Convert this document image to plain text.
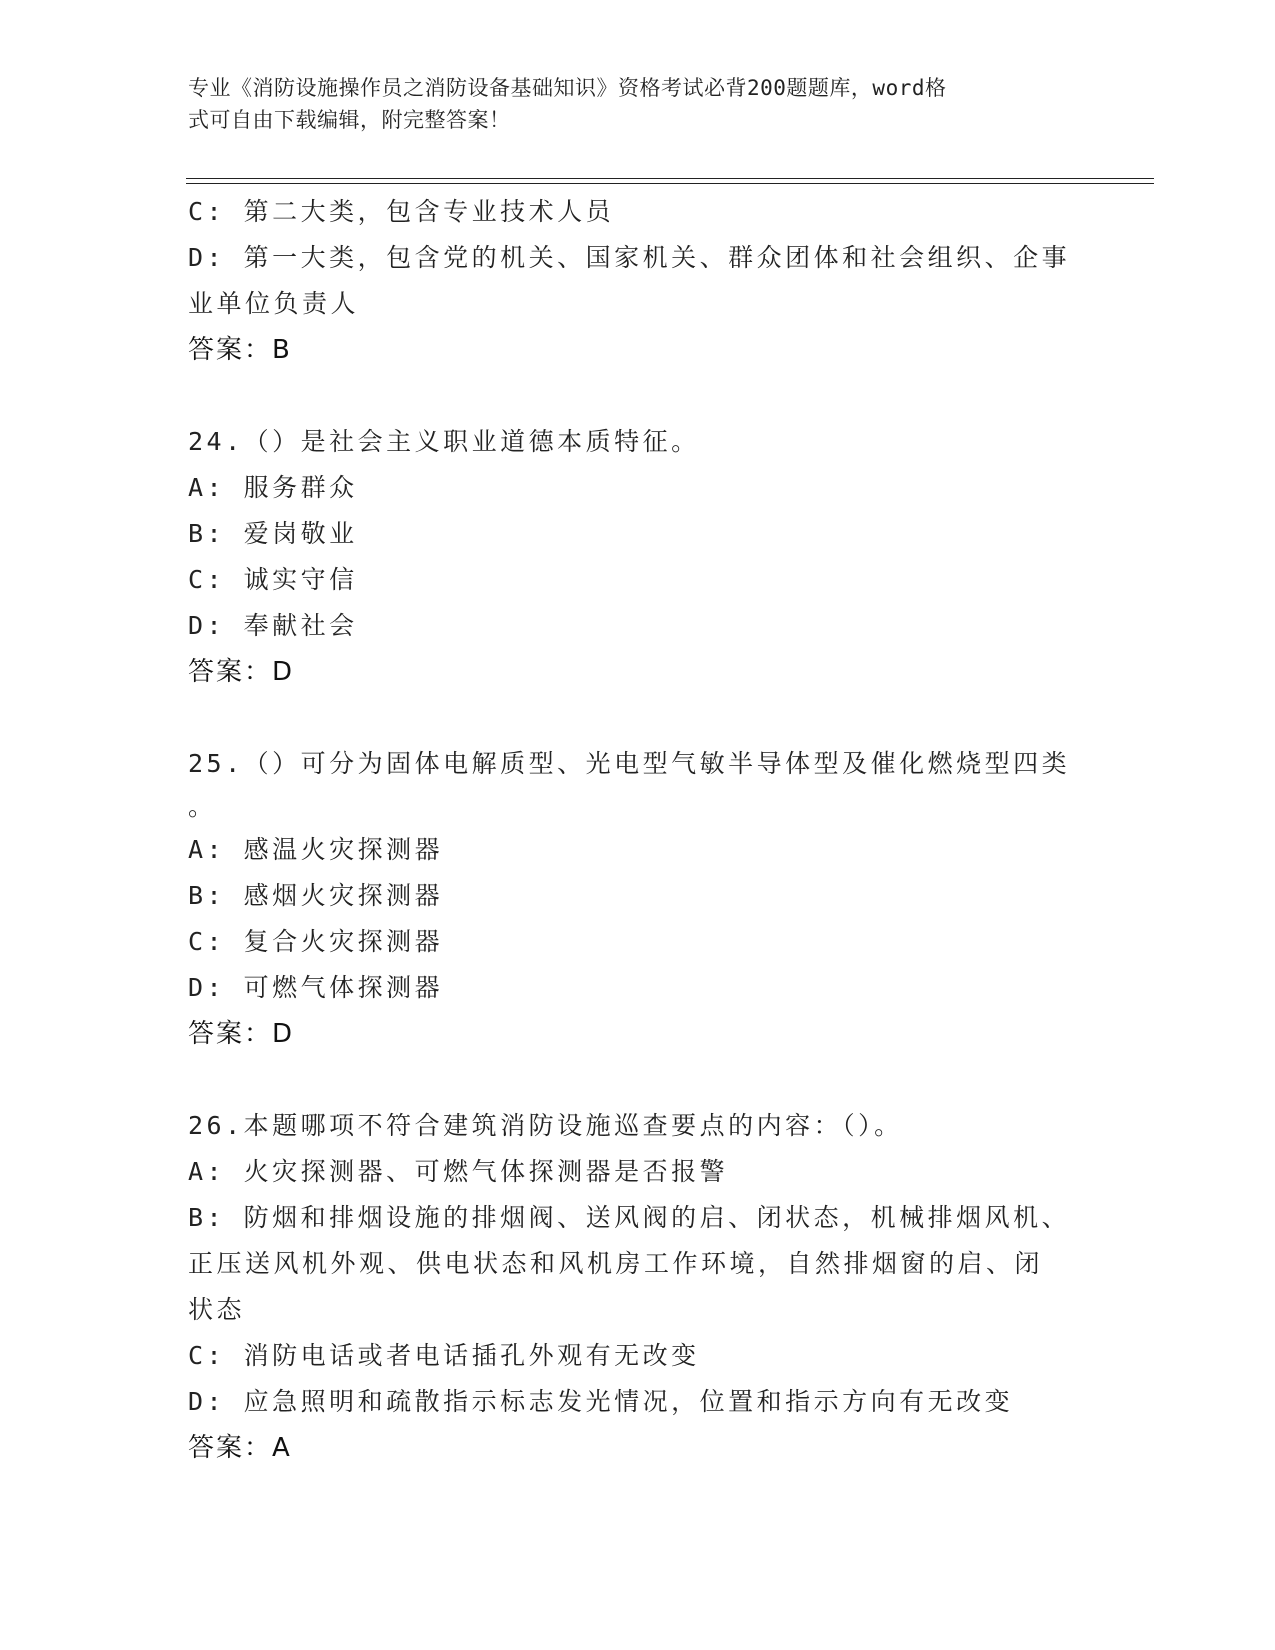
专业《消防设施操作员之消防设备基础知识》资格考试必背200题题库，word格
式可自由下载编辑，附完整答案！
C: 第二大类，包含专业技术人员
D: 第一大类，包含党的机关、国家机关、群众团体和社会组织、企事
业单位负责人
答案：B
24.（）是社会主义职业道德本质特征。
A: 服务群众
B: 爱岗敬业
C: 诚实守信
D: 奉献社会
答案：D
25.（）可分为固体电解质型、光电型气敏半导体型及催化燃烧型四类
。
A: 感温火灾探测器
B: 感烟火灾探测器
C: 复合火灾探测器
D: 可燃气体探测器
答案：D
26.本题哪项不符合建筑消防设施巡查要点的内容：（）。
A: 火灾探测器、可燃气体探测器是否报警
B: 防烟和排烟设施的排烟阀、送风阀的启、闭状态，机械排烟风机、
正压送风机外观、供电状态和风机房工作环境，自然排烟窗的启、闭
状态
C: 消防电话或者电话插孔外观有无改变
D: 应急照明和疏散指示标志发光情况，位置和指示方向有无改变
答案：A
